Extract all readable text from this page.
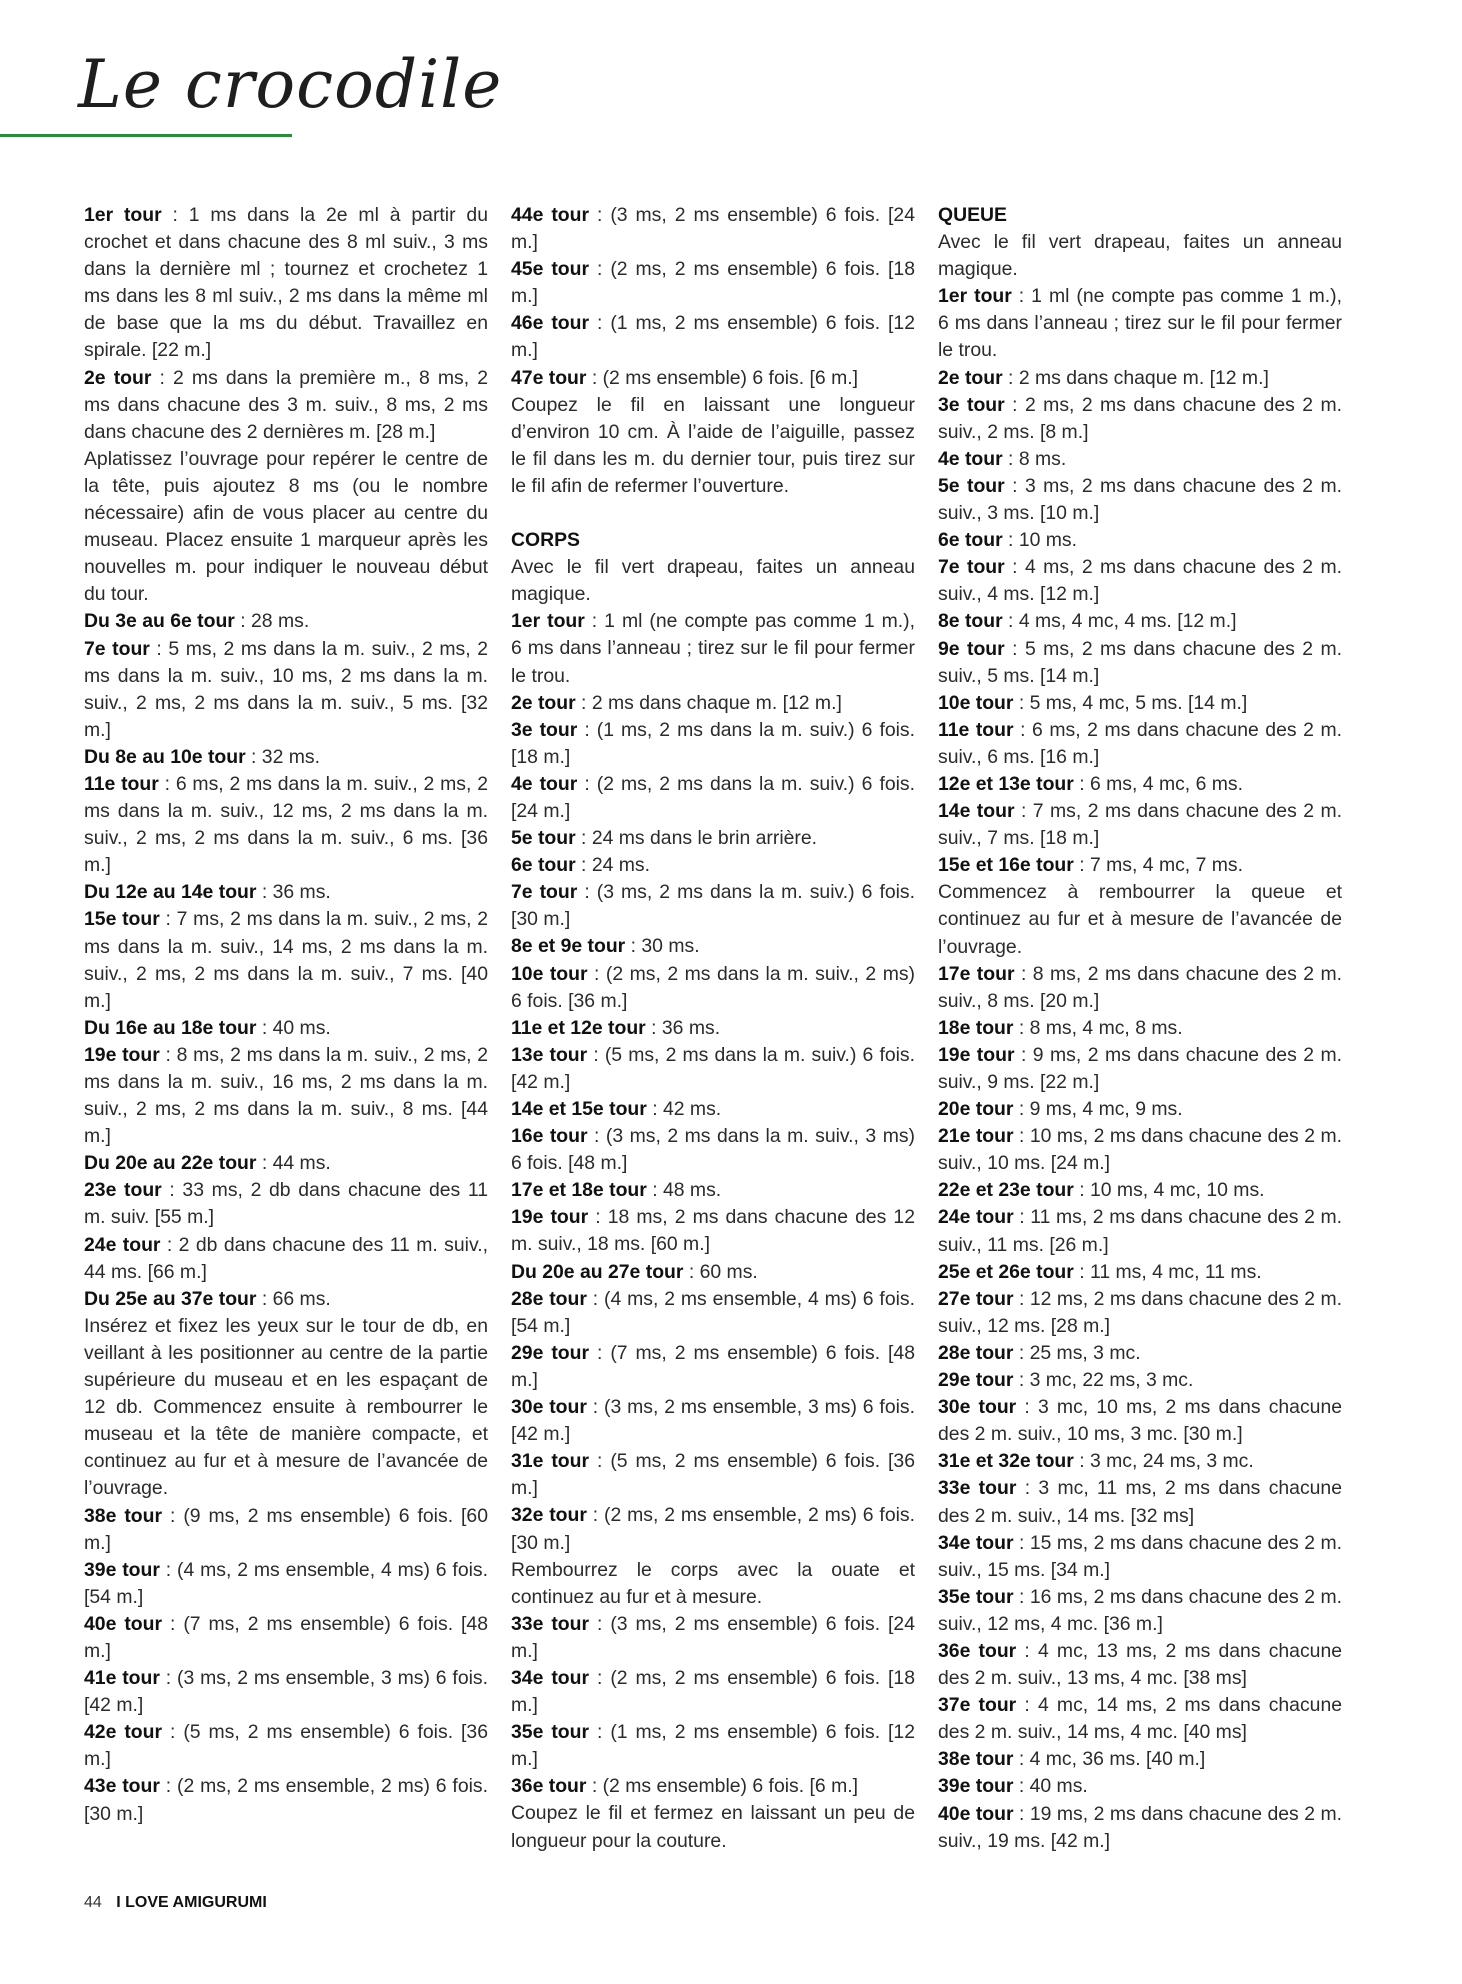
Le crocodile

1er tour : 1 ms dans la 2e ml à partir du crochet et dans chacune des 8 ml suiv., 3 ms dans la dernière ml ; tournez et crochetez 1 ms dans les 8 ml suiv., 2 ms dans la même ml de base que la ms du début. Travaillez en spirale. [22 m.]

2e tour : 2 ms dans la première m., 8 ms, 2 ms dans chacune des 3 m. suiv., 8 ms, 2 ms dans chacune des 2 dernières m. [28 m.]

Aplatissez l’ouvrage pour repérer le centre de la tête, puis ajoutez 8 ms (ou le nombre nécessaire) afin de vous placer au centre du museau. Placez ensuite 1 marqueur après les nouvelles m. pour indiquer le nouveau début du tour.

Du 3e au 6e tour : 28 ms.

7e tour : 5 ms, 2 ms dans la m. suiv., 2 ms, 2 ms dans la m. suiv., 10 ms, 2 ms dans la m. suiv., 2 ms, 2 ms dans la m. suiv., 5 ms. [32 m.]

Du 8e au 10e tour : 32 ms.

11e tour : 6 ms, 2 ms dans la m. suiv., 2 ms, 2 ms dans la m. suiv., 12 ms, 2 ms dans la m. suiv., 2 ms, 2 ms dans la m. suiv., 6 ms. [36 m.]

Du 12e au 14e tour : 36 ms.

15e tour : 7 ms, 2 ms dans la m. suiv., 2 ms, 2 ms dans la m. suiv., 14 ms, 2 ms dans la m. suiv., 2 ms, 2 ms dans la m. suiv., 7 ms. [40 m.]

Du 16e au 18e tour : 40 ms.

19e tour : 8 ms, 2 ms dans la m. suiv., 2 ms, 2 ms dans la m. suiv., 16 ms, 2 ms dans la m. suiv., 2 ms, 2 ms dans la m. suiv., 8 ms. [44 m.]

Du 20e au 22e tour : 44 ms.

23e tour : 33 ms, 2 db dans chacune des 11 m. suiv. [55 m.]

24e tour : 2 db dans chacune des 11 m. suiv., 44 ms. [66 m.]

Du 25e au 37e tour : 66 ms.

Insérez et fixez les yeux sur le tour de db, en veillant à les positionner au centre de la partie supérieure du museau et en les espaçant de 12 db. Commencez ensuite à rembourrer le museau et la tête de manière compacte, et continuez au fur et à mesure de l’avancée de l’ouvrage.

38e tour : (9 ms, 2 ms ensemble) 6 fois. [60 m.]

39e tour : (4 ms, 2 ms ensemble, 4 ms) 6 fois. [54 m.]

40e tour : (7 ms, 2 ms ensemble) 6 fois. [48 m.]

41e tour : (3 ms, 2 ms ensemble, 3 ms) 6 fois. [42 m.]

42e tour : (5 ms, 2 ms ensemble) 6 fois. [36 m.]

43e tour : (2 ms, 2 ms ensemble, 2 ms) 6 fois. [30 m.]

44e tour : (3 ms, 2 ms ensemble) 6 fois. [24 m.]

45e tour : (2 ms, 2 ms ensemble) 6 fois. [18 m.]

46e tour : (1 ms, 2 ms ensemble) 6 fois. [12 m.]

47e tour : (2 ms ensemble) 6 fois. [6 m.]

Coupez le fil en laissant une longueur d’environ 10 cm. À l’aide de l’aiguille, passez le fil dans les m. du dernier tour, puis tirez sur le fil afin de refermer l’ouverture.

CORPS

Avec le fil vert drapeau, faites un anneau magique.

1er tour : 1 ml (ne compte pas comme 1 m.), 6 ms dans l’anneau ; tirez sur le fil pour fermer le trou.

2e tour : 2 ms dans chaque m. [12 m.]

3e tour : (1 ms, 2 ms dans la m. suiv.) 6 fois. [18 m.]

4e tour : (2 ms, 2 ms dans la m. suiv.) 6 fois. [24 m.]

5e tour : 24 ms dans le brin arrière.

6e tour : 24 ms.

7e tour : (3 ms, 2 ms dans la m. suiv.) 6 fois. [30 m.]

8e et 9e tour : 30 ms.

10e tour : (2 ms, 2 ms dans la m. suiv., 2 ms) 6 fois. [36 m.]

11e et 12e tour : 36 ms.

13e tour : (5 ms, 2 ms dans la m. suiv.) 6 fois. [42 m.]

14e et 15e tour : 42 ms.

16e tour : (3 ms, 2 ms dans la m. suiv., 3 ms) 6 fois. [48 m.]

17e et 18e tour : 48 ms.

19e tour : 18 ms, 2 ms dans chacune des 12 m. suiv., 18 ms. [60 m.]

Du 20e au 27e tour : 60 ms.

28e tour : (4 ms, 2 ms ensemble, 4 ms) 6 fois. [54 m.]

29e tour : (7 ms, 2 ms ensemble) 6 fois. [48 m.]

30e tour : (3 ms, 2 ms ensemble, 3 ms) 6 fois. [42 m.]

31e tour : (5 ms, 2 ms ensemble) 6 fois. [36 m.]

32e tour : (2 ms, 2 ms ensemble, 2 ms) 6 fois. [30 m.]

Rembourrez le corps avec la ouate et continuez au fur et à mesure.

33e tour : (3 ms, 2 ms ensemble) 6 fois. [24 m.]

34e tour : (2 ms, 2 ms ensemble) 6 fois. [18 m.]

35e tour : (1 ms, 2 ms ensemble) 6 fois. [12 m.]

36e tour : (2 ms ensemble) 6 fois. [6 m.]

Coupez le fil et fermez en laissant un peu de longueur pour la couture.

QUEUE

Avec le fil vert drapeau, faites un anneau magique.

1er tour : 1 ml (ne compte pas comme 1 m.), 6 ms dans l’anneau ; tirez sur le fil pour fermer le trou.

2e tour : 2 ms dans chaque m. [12 m.]

3e tour : 2 ms, 2 ms dans chacune des 2 m. suiv., 2 ms. [8 m.]

4e tour : 8 ms.

5e tour : 3 ms, 2 ms dans chacune des 2 m. suiv., 3 ms. [10 m.]

6e tour : 10 ms.

7e tour : 4 ms, 2 ms dans chacune des 2 m. suiv., 4 ms. [12 m.]

8e tour : 4 ms, 4 mc, 4 ms. [12 m.]

9e tour : 5 ms, 2 ms dans chacune des 2 m. suiv., 5 ms. [14 m.]

10e tour : 5 ms, 4 mc, 5 ms. [14 m.]

11e tour : 6 ms, 2 ms dans chacune des 2 m. suiv., 6 ms. [16 m.]

12e et 13e tour : 6 ms, 4 mc, 6 ms.

14e tour : 7 ms, 2 ms dans chacune des 2 m. suiv., 7 ms. [18 m.]

15e et 16e tour : 7 ms, 4 mc, 7 ms.

Commencez à rembourrer la queue et continuez au fur et à mesure de l’avancée de l’ouvrage.

17e tour : 8 ms, 2 ms dans chacune des 2 m. suiv., 8 ms. [20 m.]

18e tour : 8 ms, 4 mc, 8 ms.

19e tour : 9 ms, 2 ms dans chacune des 2 m. suiv., 9 ms. [22 m.]

20e tour : 9 ms, 4 mc, 9 ms.

21e tour : 10 ms, 2 ms dans chacune des 2 m. suiv., 10 ms. [24 m.]

22e et 23e tour : 10 ms, 4 mc, 10 ms.

24e tour : 11 ms, 2 ms dans chacune des 2 m. suiv., 11 ms. [26 m.]

25e et 26e tour : 11 ms, 4 mc, 11 ms.

27e tour : 12 ms, 2 ms dans chacune des 2 m. suiv., 12 ms. [28 m.]

28e tour : 25 ms, 3 mc.

29e tour : 3 mc, 22 ms, 3 mc.

30e tour : 3 mc, 10 ms, 2 ms dans chacune des 2 m. suiv., 10 ms, 3 mc. [30 m.]

31e et 32e tour : 3 mc, 24 ms, 3 mc.

33e tour : 3 mc, 11 ms, 2 ms dans chacune des 2 m. suiv., 14 ms. [32 ms]

34e tour : 15 ms, 2 ms dans chacune des 2 m. suiv., 15 ms. [34 m.]

35e tour : 16 ms, 2 ms dans chacune des 2 m. suiv., 12 ms, 4 mc. [36 m.]

36e tour : 4 mc, 13 ms, 2 ms dans chacune des 2 m. suiv., 13 ms, 4 mc. [38 ms]

37e tour : 4 mc, 14 ms, 2 ms dans chacune des 2 m. suiv., 14 ms, 4 mc. [40 ms]

38e tour : 4 mc, 36 ms. [40 m.]

39e tour : 40 ms.

40e tour : 19 ms, 2 ms dans chacune des 2 m. suiv., 19 ms. [42 m.]

44 I LOVE AMIGURUMI
